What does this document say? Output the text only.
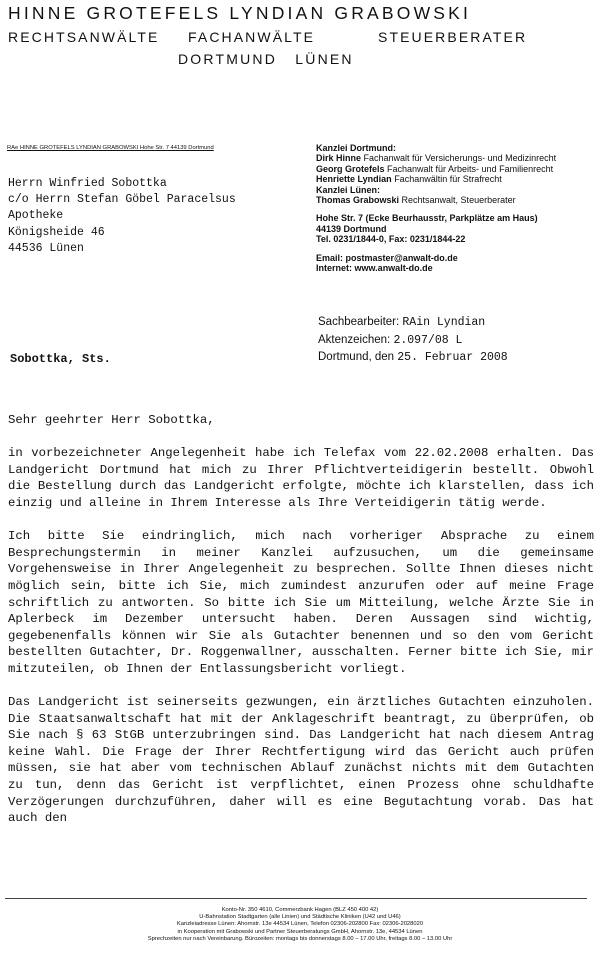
HINNE GROTEFELS LYNDIAN GRABOWSKI
RECHTSANWÄLTE FACHANWÄLTE	STEUERBERATER
DORTMUND   LÜNEN
RAe HINNE GROTEFELS LYNDIAN GRABOWSKI Hohe Str. 7 44139 Dortmund
Herrn Winfried Sobottka
c/o Herrn Stefan Göbel Paracelsus
Apotheke
Königsheide 46
44536 Lünen
Kanzlei Dortmund:
Dirk Hinne Fachanwalt für Versicherungs- und Medizinrecht
Georg Grotefels Fachanwalt für Arbeits- und Familienrecht
Henriette Lyndian Fachanwältin für Strafrecht
Kanzlei Lünen:
Thomas Grabowski Rechtsanwalt, Steuerberater
Hohe Str. 7 (Ecke Beurhausstr, Parkplätze am Haus)
44139 Dortmund
Tel. 0231/1844-0, Fax: 0231/1844-22
Email: postmaster@anwalt-do.de
Internet: www.anwalt-do.de
Sachbearbeiter: RAin Lyndian
Aktenzeichen: 2.097/08 L
Dortmund, den 25. Februar 2008
Sobottka, Sts.

Sehr geehrter Herr Sobottka,

in vorbezeichneter Angelegenheit habe ich Telefax vom 22.02.2008 erhalten. Das Landgericht Dortmund hat mich zu Ihrer Pflichtverteidigerin bestellt. Obwohl die Bestellung durch das Landgericht erfolgte, möchte ich klarstellen, dass ich einzig und alleine in Ihrem Interesse als Ihre Verteidigerin tätig werde.

Ich bitte Sie eindringlich, mich nach vorheriger Absprache zu einem Besprechungstermin in meiner Kanzlei aufzusuchen, um die gemeinsame Vorgehensweise in Ihrer Angelegenheit zu besprechen. Sollte Ihnen dieses nicht möglich sein, bitte ich Sie, mich zumindest anzurufen oder auf meine Frage schriftlich zu antworten. So bitte ich Sie um Mitteilung, welche Ärzte Sie in Aplerbeck im Dezember untersucht haben. Deren Aussagen sind wichtig, gegebenenfalls können wir Sie als Gutachter benennen und so den vom Gericht bestellten Gutachter, Dr. Roggenwallner, ausschalten. Ferner bitte ich Sie, mir mitzuteilen, ob Ihnen der Entlassungsbericht vorliegt.

Das Landgericht ist seinerseits gezwungen, ein ärztliches Gutachten einzuholen. Die Staatsanwaltschaft hat mit der Anklageschrift beantragt, zu überprüfen, ob Sie nach § 63 StGB unterzubringen sind. Das Landgericht hat nach diesem Antrag keine Wahl. Die Frage der Ihrer Rechtfertigung wird das Gericht auch prüfen müssen, sie hat aber vom technischen Ablauf zunächst nichts mit dem Gutachten zu tun, denn das Gericht ist verpflichtet, einen Prozess ohne schuldhafte Verzögerungen durchzuführen, daher will es eine Begutachtung vorab. Das hat auch den

Konto-Nr. 350 4610, Commerzbank Hagen (BLZ 450 400 42)
U-Bahnstation Stadtgarten (alle Linien) und Städtische Kliniken (U42 und U46)
Kanzleiadresse Lünen: Ahornstr. 13e 44534 Lünen, Telefon 02306-202800 Fax: 02306-2028020
in Kooperation mit Grabowski und Partner Steuerberatungs GmbH, Ahornstr. 13e, 44534 Lünen
Sprechzeiten nur nach Vereinbarung. Bürozeiten: montags bis donnerstags 8.00 – 17.00 Uhr, freitags 8.00 – 13.00 Uhr
